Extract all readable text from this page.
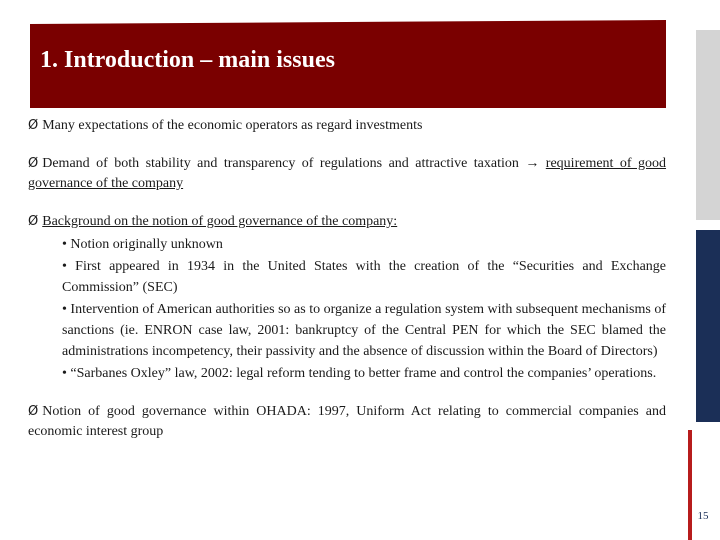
1. Introduction – main issues

Ø Many expectations of the economic operators as regard investments

Ø Demand of both stability and transparency of regulations and attractive taxation → requirement of good governance of the company

Ø Background on the notion of good governance of the company:
• Notion originally unknown
• First appeared in 1934 in the United States with the creation of the “Securities and Exchange Commission” (SEC)
• Intervention of American authorities so as to organize a regulation system with subsequent mechanisms of sanctions (ie. ENRON case law, 2001: bankruptcy of the Central PEN for which the SEC blamed the administrations incompetency, their passivity and the absence of discussion within the Board of Directors)
• “Sarbanes Oxley” law, 2002: legal reform tending to better frame and control the companies’ operations.

Ø Notion of good governance within OHADA: 1997, Uniform Act relating to commercial companies and economic interest group

15
